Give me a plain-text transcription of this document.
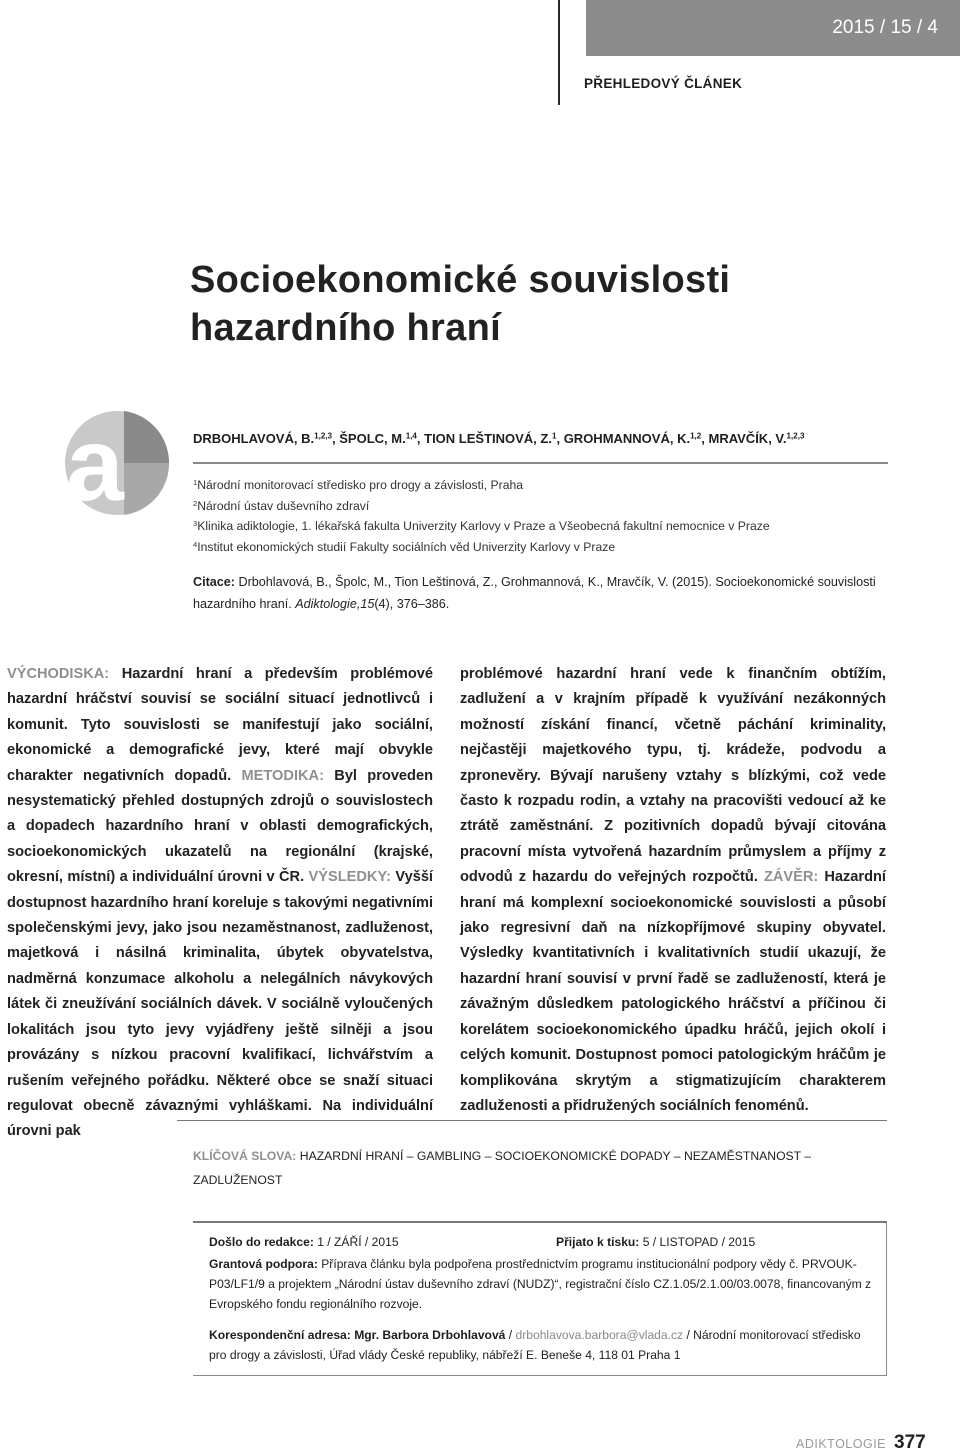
2015 / 15 / 4
PŘEHLEDOVÝ ČLÁNEK
Socioekonomické souvislosti
hazardního hraní
a	DRBOHLAVOVÁ, B.$^{1,2,3}$, ŠPOLC, M.$^{1,4}$, TION LEŠTINOVÁ, Z.$^1$, GROHMANNOVÁ, K.$^{1,2}$, MRAVČÍK, V.$^{1,2,3}$
$^1$Národní monitorovací středisko pro drogy a závislosti, Praha
$^2$Národní ústav duševního zdraví
$^3$Klinika adiktologie, 1. lékařská fakulta Univerzity Karlovy v Praze a Všeobecná fakultní nemocnice v Praze
$^4$Institut ekonomických studií Fakulty sociálních věd Univerzity Karlovy v Praze
Citace: Drbohlavová, B., Špolc, M., Tion Leštinová, Z., Grohmannová, K., Mravčík, V. (2015). Socioekonomické souvislosti hazardního hraní. Adiktologie,15(4), 376–386.
VÝCHODISKA: Hazardní hraní a především problémové hazardní hráčství souvisí se sociální situací jednotlivců i komunit. Tyto souvislosti se manifestují jako sociální, ekonomické a demografické jevy, které mají obvykle charakter negativních dopadů. METODIKA: Byl proveden nesystematický přehled dostupných zdrojů o souvislostech a dopadech hazardního hraní v oblasti demografických, socioekonomických ukazatelů na regionální (krajské, okresní, místní) a individuální úrovni v ČR. VÝSLEDKY: Vyšší dostupnost hazardního hraní koreluje s takovými negativními společenskými jevy, jako jsou nezaměstnanost, zadluženost, majetková i násilná kriminalita, úbytek obyvatelstva, nadměrná konzumace alkoholu a nelegálních návykových látek či zneužívání sociálních dávek. V sociálně vyloučených lokalitách jsou tyto jevy vyjádřeny ještě silněji a jsou provázány s nízkou pracovní kvalifikací, lichvářstvím a rušením veřejného pořádku. Některé obce se snaží situaci regulovat obecně závaznými vyhláškami. Na individuální úrovni pak
problémové hazardní hraní vede k finančním obtížím, zadlužení a v krajním případě k využívání nezákonných možností získání financí, včetně páchání kriminality, nejčastěji majetkového typu, tj. krádeže, podvodu a zpronevěry. Bývají narušeny vztahy s blízkými, což vede často k rozpadu rodin, a vztahy na pracovišti vedoucí až ke ztrátě zaměstnání. Z pozitivních dopadů bývají citována pracovní místa vytvořená hazardním průmyslem a příjmy z odvodů z hazardu do veřejných rozpočtů. ZÁVĚR: Hazardní hraní má komplexní socioekonomické souvislosti a působí jako regresivní daň na nízkopříjmové skupiny obyvatel. Výsledky kvantitativních i kvalitativních studií ukazují, že hazardní hraní souvisí v první řadě se zadlužeností, která je závažným důsledkem patologického hráčství a příčinou či korelátem socioekonomického úpadku hráčů, jejich okolí i celých komunit. Dostupnost pomoci patologickým hráčům je komplikována skrytým a stigmatizujícím charakterem zadluženosti a přidružených sociálních fenoménů.
KLÍČOVÁ SLOVA: HAZARDNÍ HRANÍ – GAMBLING – SOCIOEKONOMICKÉ DOPADY – NEZAMĚSTNANOST – ZADLUŽENOST
Došlo do redakce: 1 / ZÁŘÍ / 2015	Přijato k tisku: 5 / LISTOPAD / 2015
Grantová podpora: Příprava článku byla podpořena prostřednictvím programu institucionální podpory vědy č. PRVOUK-P03/LF1/9 a projektem „Národní ústav duševního zdraví (NUDZ)“, registrační číslo CZ.1.05/2.1.00/03.0078, financovaným z Evropského fondu regionálního rozvoje.
Korespondenční adresa: Mgr. Barbora Drbohlavová / drbohlavova.barbora@vlada.cz / Národní monitorovací středisko pro drogy a závislosti, Úřad vlády České republiky, nábřeží E. Beneše 4, 118 01 Praha 1
ADIKTOLOGIE 377
